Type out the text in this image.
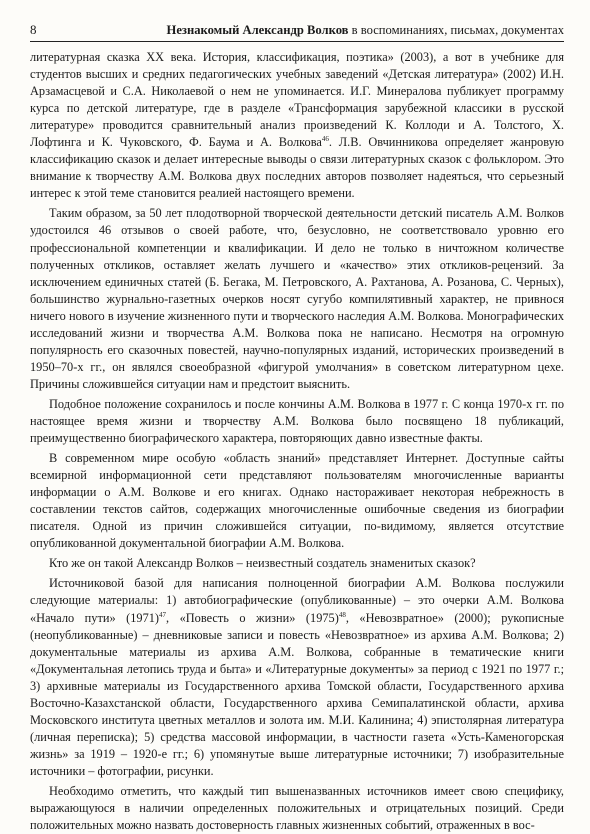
8	Незнакомый Александр Волков в воспоминаниях, письмах, документах

литературная сказка XX века. История, классификация, поэтика» (2003), а вот в учебнике для студентов высших и средних педагогических учебных заведений «Детская литература» (2002) И.Н. Арзамасцевой и С.А. Николаевой о нем не упоминается. И.Г. Минералова публикует программу курса по детской литературе, где в разделе «Трансформация зарубежной классики в русской литературе» проводится сравнительный анализ произведений К. Коллоди и А. Толстого, Х. Лофтинга и К. Чуковского, Ф. Баума и А. Волкова$^{46}$. Л.В. Овчинникова определяет жанровую классификацию сказок и делает интересные выводы о связи литературных сказок с фольклором. Это внимание к творчеству А.М. Волкова двух последних авторов позволяет надеяться, что серьезный интерес к этой теме становится реалией настоящего времени.

Таким образом, за 50 лет плодотворной творческой деятельности детский писатель А.М. Волков удостоился 46 отзывов о своей работе, что, безусловно, не соответствовало уровню его профессиональной компетенции и квалификации. И дело не только в ничтожном количестве полученных откликов, оставляет желать лучшего и «качество» этих откликов-рецензий. За исключением единичных статей (Б. Бегака, М. Петровского, А. Рахтанова, А. Розанова, С. Черных), большинство журнально-газетных очерков носят сугубо компилятивный характер, не привнося ничего нового в изучение жизненного пути и творческого наследия А.М. Волкова. Монографических исследований жизни и творчества А.М. Волкова пока не написано. Несмотря на огромную популярность его сказочных повестей, научно-популярных изданий, исторических произведений в 1950–70-х гг., он являлся своеобразной «фигурой умолчания» в советском литературном цехе. Причины сложившейся ситуации нам и предстоит выяснить.

Подобное положение сохранилось и после кончины А.М. Волкова в 1977 г. С конца 1970-х гг. по настоящее время жизни и творчеству А.М. Волкова было посвящено 18 публикаций, преимущественно биографического характера, повторяющих давно известные факты.

В современном мире особую «область знаний» представляет Интернет. Доступные сайты всемирной информационной сети представляют пользователям многочисленные варианты информации о А.М. Волкове и его книгах. Однако настораживает некоторая небрежность в составлении текстов сайтов, содержащих многочисленные ошибочные сведения из биографии писателя. Одной из причин сложившейся ситуации, по-видимому, является отсутствие опубликованной документальной биографии А.М. Волкова.

Кто же он такой Александр Волков – неизвестный создатель знаменитых сказок?

Источниковой базой для написания полноценной биографии А.М. Волкова послужили следующие материалы: 1) автобиографические (опубликованные) – это очерки А.М. Волкова «Начало пути» $(1971)^{47}$, «Повесть о жизни» $(1975)^{48}$, «Невозвратное» (2000); рукописные (неопубликованные) – дневниковые записи и повесть «Невозвратное» из архива А.М. Волкова; 2) документальные материалы из архива А.М. Волкова, собранные в тематические книги «Документальная летопись труда и быта» и «Литературные документы» за период с 1921 по 1977 г.; 3) архивные материалы из Государственного архива Томской области, Государственного архива Восточно-Казахстанской области, Государственного архива Семипалатинской области, архива Московского института цветных металлов и золота им. М.И. Калинина; 4) эпистолярная литература (личная переписка); 5) средства массовой информации, в частности газета «Усть-Каменогорская жизнь» за 1919 – 1920-е гг.; 6) упомянутые выше литературные источники; 7) изобразительные источники – фотографии, рисунки.

Необходимо отметить, что каждый тип вышеназванных источников имеет свою специфику, выражающуюся в наличии определенных положительных и отрицательных позиций. Среди положительных можно назвать достоверность главных жизненных событий, отраженных в вос-
